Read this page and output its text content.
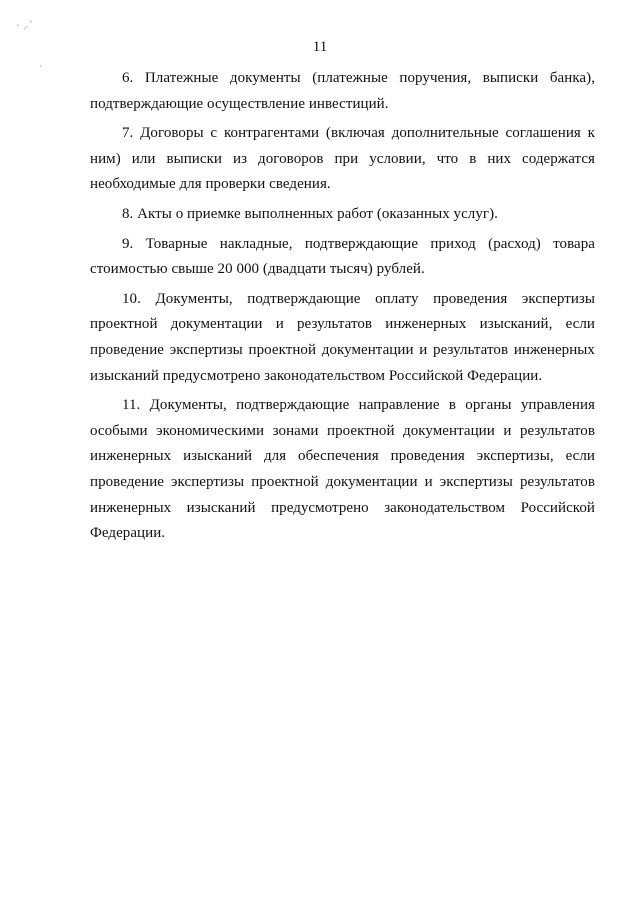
· ⸝ˋ
ˏ
11

6. Платежные документы (платежные поручения, выписки банка), подтверждающие осуществление инвестиций.

7. Договоры с контрагентами (включая дополнительные соглашения к ним) или выписки из договоров при условии, что в них содержатся необходимые для проверки сведения.

8. Акты о приемке выполненных работ (оказанных услуг).

9. Товарные накладные, подтверждающие приход (расход) товара стоимостью свыше 20 000 (двадцати тысяч) рублей.

10. Документы, подтверждающие оплату проведения экспертизы проектной документации и результатов инженерных изысканий, если проведение экспертизы проектной документации и результатов инженерных изысканий предусмотрено законодательством Российской Федерации.

11. Документы, подтверждающие направление в органы управления особыми экономическими зонами проектной документации и результатов инженерных изысканий для обеспечения проведения экспертизы, если проведение экспертизы проектной документации и экспертизы результатов инженерных изысканий предусмотрено законодательством Российской Федерации.
